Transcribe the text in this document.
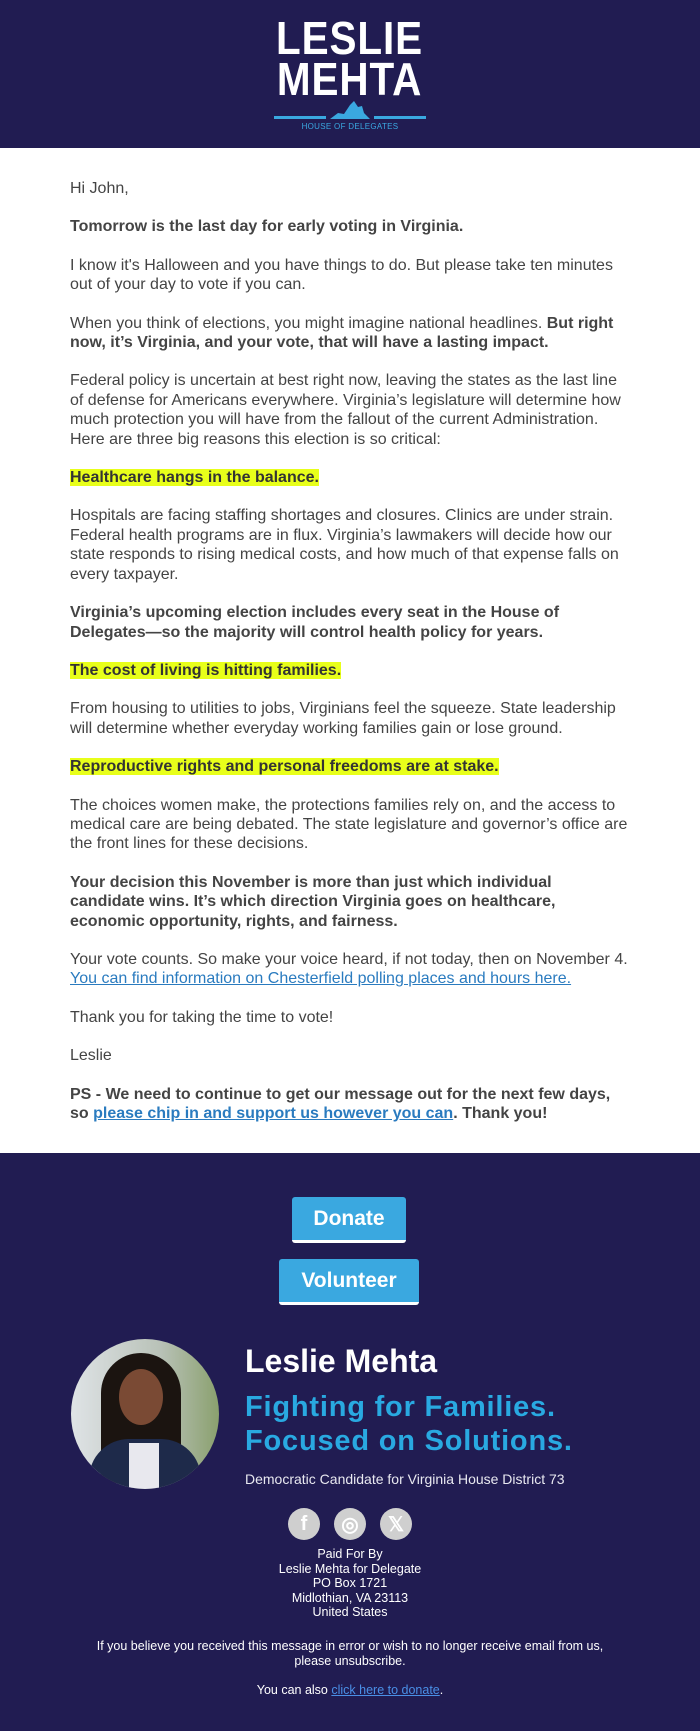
LESLIE
MEHTA
HOUSE OF DELEGATES

Hi John,

Tomorrow is the last day for early voting in Virginia.

I know it's Halloween and you have things to do. But please take ten minutes out of your day to vote if you can.

When you think of elections, you might imagine national headlines. But right now, it’s Virginia, and your vote, that will have a lasting impact.

Federal policy is uncertain at best right now, leaving the states as the last line of defense for Americans everywhere. Virginia’s legislature will determine how much protection you will have from the fallout of the current Administration. Here are three big reasons this election is so critical:

Healthcare hangs in the balance.

Hospitals are facing staffing shortages and closures. Clinics are under strain. Federal health programs are in flux. Virginia’s lawmakers will decide how our state responds to rising medical costs, and how much of that expense falls on every taxpayer.

Virginia’s upcoming election includes every seat in the House of Delegates—so the majority will control health policy for years.

The cost of living is hitting families.

From housing to utilities to jobs, Virginians feel the squeeze. State leadership will determine whether everyday working families gain or lose ground.

Reproductive rights and personal freedoms are at stake.

The choices women make, the protections families rely on, and the access to medical care are being debated. The state legislature and governor’s office are the front lines for these decisions.

Your decision this November is more than just which individual candidate wins. It’s which direction Virginia goes on healthcare, economic opportunity, rights, and fairness.

Your vote counts. So make your voice heard, if not today, then on November 4.
You can find information on Chesterfield polling places and hours here.

Thank you for taking the time to vote!

Leslie

PS - We need to continue to get our message out for the next few days, so please chip in and support us however you can. Thank you!

Donate
Volunteer
Leslie Mehta
Fighting for Families.
Focused on Solutions.
Democratic Candidate for Virginia House District 73
f	◎	𝕏
Paid For By
Leslie Mehta for Delegate
PO Box 1721
Midlothian, VA 23113
United States
If you believe you received this message in error or wish to no longer receive email from us, please unsubscribe.
You can also click here to donate.
